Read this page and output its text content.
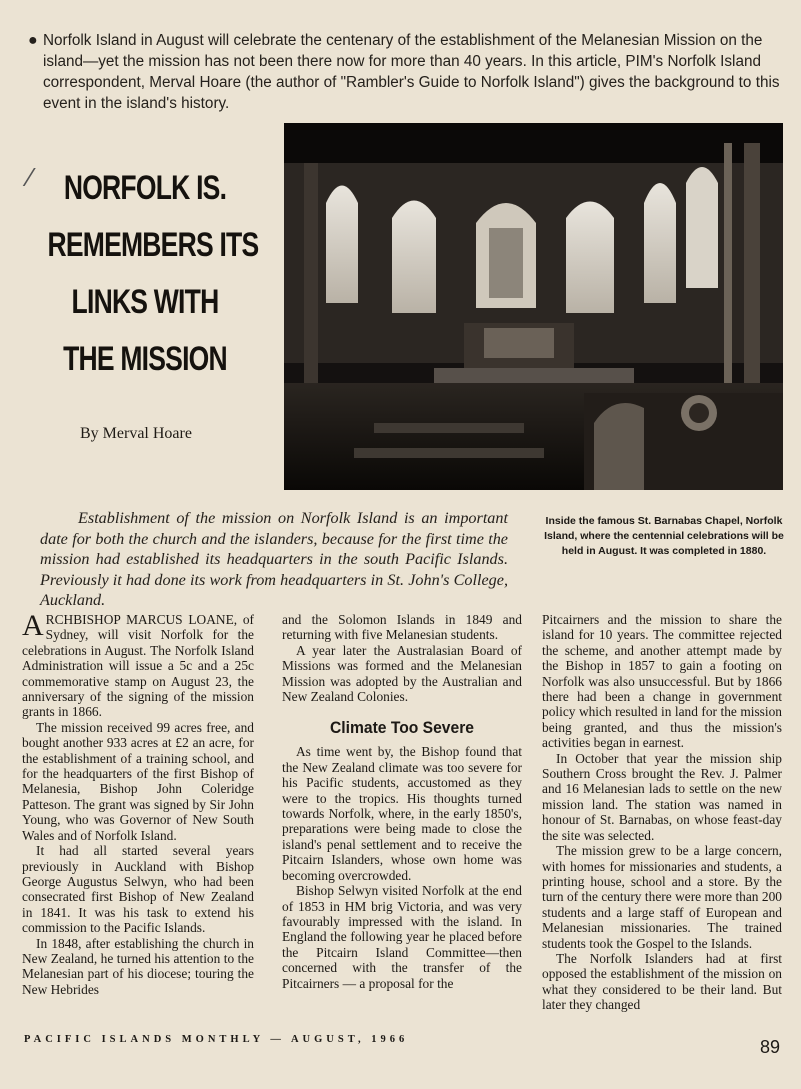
● Norfolk Island in August will celebrate the centenary of the establishment of the Melanesian Mission on the island—yet the mission has not been there now for more than 40 years. In this article, PIM's Norfolk Island correspondent, Merval Hoare (the author of "Rambler's Guide to Norfolk Island") gives the background to this event in the island's history.
⁄ NORFOLK IS.
REMEMBERS ITS
LINKS WITH
THE MISSION
By Merval Hoare
Inside the famous St. Barnabas Chapel, Norfolk Island, where the centennial celebrations will be held in August. It was completed in 1880.
Establishment of the mission on Norfolk Island is an important date for both the church and the islanders, because for the first time the mission had established its headquarters in the south Pacific Islands. Previously it had done its work from headquarters in St. John's College, Auckland.

ARCHBISHOP MARCUS LOANE, of Sydney, will visit Norfolk for the celebrations in August. The Norfolk Island Administration will issue a 5c and a 25c commemorative stamp on August 23, the anniversary of the signing of the mission grants in 1866.

The mission received 99 acres free, and bought another 933 acres at £2 an acre, for the establishment of a training school, and for the headquarters of the first Bishop of Melanesia, Bishop John Coleridge Patteson. The grant was signed by Sir John Young, who was Governor of New South Wales and of Norfolk Island.

It had all started several years previously in Auckland with Bishop George Augustus Selwyn, who had been consecrated first Bishop of New Zealand in 1841. It was his task to extend his commission to the Pacific Islands.

In 1848, after establishing the church in New Zealand, he turned his attention to the Melanesian part of his diocese; touring the New Hebrides

and the Solomon Islands in 1849 and returning with five Melanesian students.

A year later the Australasian Board of Missions was formed and the Melanesian Mission was adopted by the Australian and New Zealand Colonies.

Climate Too Severe

As time went by, the Bishop found that the New Zealand climate was too severe for his Pacific students, accustomed as they were to the tropics. His thoughts turned towards Norfolk, where, in the early 1850's, preparations were being made to close the island's penal settlement and to receive the Pitcairn Islanders, whose own home was becoming overcrowded.

Bishop Selwyn visited Norfolk at the end of 1853 in HM brig Victoria, and was very favourably impressed with the island. In England the following year he placed before the Pitcairn Island Committee—then concerned with the transfer of the Pitcairners — a proposal for the

Pitcairners and the mission to share the island for 10 years. The committee rejected the scheme, and another attempt made by the Bishop in 1857 to gain a footing on Norfolk was also unsuccessful. But by 1866 there had been a change in government policy which resulted in land for the mission being granted, and thus the mission's activities began in earnest.

In October that year the mission ship Southern Cross brought the Rev. J. Palmer and 16 Melanesian lads to settle on the new mission land. The station was named in honour of St. Barnabas, on whose feast-day the site was selected.

The mission grew to be a large concern, with homes for missionaries and students, a printing house, school and a store. By the turn of the century there were more than 200 students and a large staff of European and Melanesian missionaries. The trained students took the Gospel to the Islands.

The Norfolk Islanders had at first opposed the establishment of the mission on what they considered to be their land. But later they changed

PACIFIC ISLANDS MONTHLY — AUGUST, 1966	89
